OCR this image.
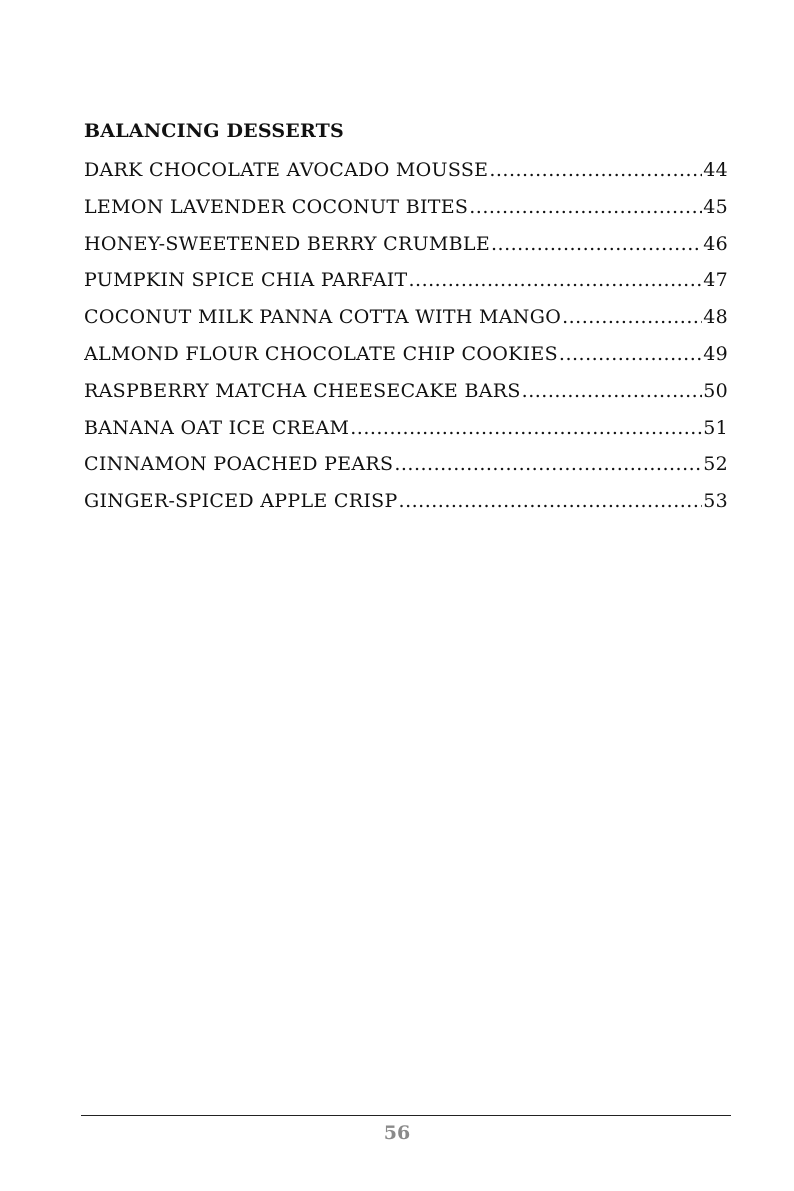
BALANCING DESSERTS
DARK CHOCOLATE AVOCADO MOUSSE .....	44
LEMON LAVENDER COCONUT BITES .....	45
HONEY-SWEETENED BERRY CRUMBLE .....	46
PUMPKIN SPICE CHIA PARFAIT .....	47
COCONUT MILK PANNA COTTA WITH MANGO .....	48
ALMOND FLOUR CHOCOLATE CHIP COOKIES .....	49
RASPBERRY MATCHA CHEESECAKE BARS .....	50
BANANA OAT ICE CREAM .....	51
CINNAMON POACHED PEARS .....	52
GINGER-SPICED APPLE CRISP .....	53
56
